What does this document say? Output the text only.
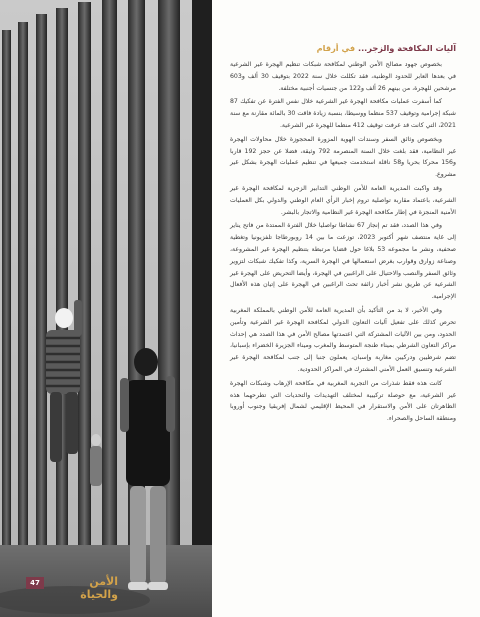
47	الأمن والحياة
آليات المكافحة والزجر... في أرقام

بخصوص جهود مصالح الأمن الوطني لمكافحة شبكات تنظيم الهجرة غير الشرعية في بعدها العابر للحدود الوطنية، فقد تكللت خلال سنة 2022 بتوقيف 30 ألف و603 مرشحين للهجرة، من بينهم 26 ألف و122 من جنسيات أجنبية مختلفة.

كما أسفرت عمليات مكافحة الهجرة غير الشرعية خلال نفس الفترة عن تفكيك 87 شبكة إجرامية وتوقيف 537 منظما ووسيطا، بنسبة زيادة فاقت 30 بالمائة مقارنة مع سنة 2021، التي كانت قد عرفت توقيف 412 منظما للهجرة غير الشرعية.

وبخصوص وثائق السفر وسندات الهوية المزورة المحجوزة خلال محاولات الهجرة غير النظامية، فقد بلغت خلال السنة المنصرمة 792 وثيقة، فضلا عن حجز 192 قاربا و156 محركا بحريا و58 ناقلة استخدمت جميعها في تنظيم عمليات الهجرة بشكل غير مشروع.

وقد واكبت المديرية العامة للأمن الوطني التدابير الزجرية لمكافحة الهجرة غير الشرعية، باعتماد مقاربة تواصلية تروم إخبار الرأي العام الوطني والدولي بكل العمليات الأمنية المنجزة في إطار مكافحة الهجرة غير النظامية والاتجار بالبشر.

وفي هذا الصدد، فقد تم إنجاز 67 نشاطا تواصليا خلال الفترة الممتدة من فاتح يناير إلى غاية منتصف شهر أكتوبر 2023، توزعت ما بين 14 روبورطاجا تلفزيونيا وتغطية صحفية، ونشر ما مجموعه 53 بلاغا حول قضايا مرتبطة بتنظيم الهجرة غير المشروعة، وصناعة زوارق وقوارب بغرض استعمالها في الهجرة السرية، وكذا تفكيك شبكات لتزوير وثائق السفر والنصب والاحتيال على الراغبين في الهجرة، وأيضا التحريض على الهجرة غير الشرعية عن طريق نشر أخبار زائفة تحث الراغبين في الهجرة على إتيان هذه الأفعال الإجرامية.

وفي الأخير، لا بد من التأكيد بأن المديرية العامة للأمن الوطني بالمملكة المغربية تحرص كذلك على تفعيل آليات التعاون الدولي لمكافحة الهجرة غير الشرعية وتأمين الحدود، ومن بين الآليات المشتركة التي اعتمدتها مصالح الأمن في هذا الصدد هي إحداث مراكز التعاون الشرطي بميناء طنجة المتوسط والمغرب وميناء الجزيرة الخضراء بإسبانيا، تضم شرطيين ودركيين مغاربة وإسبان، يعملون جنبا إلى جنب لمكافحة الهجرة غير الشرعية وتنسيق العمل الأمني المشترك في المراكز الحدودية.

كانت هذه فقط شذرات من التجربة المغربية في مكافحة الإرهاب وشبكات الهجرة غير الشرعية، مع حوصلة تركيبية لمختلف التهديدات والتحديات التي تطرحهما هذه الظاهرتان على الأمن والاستقرار في المحيط الإقليمي لشمال إفريقيا وجنوب أوروبا ومنطقة الساحل والصحراء.
